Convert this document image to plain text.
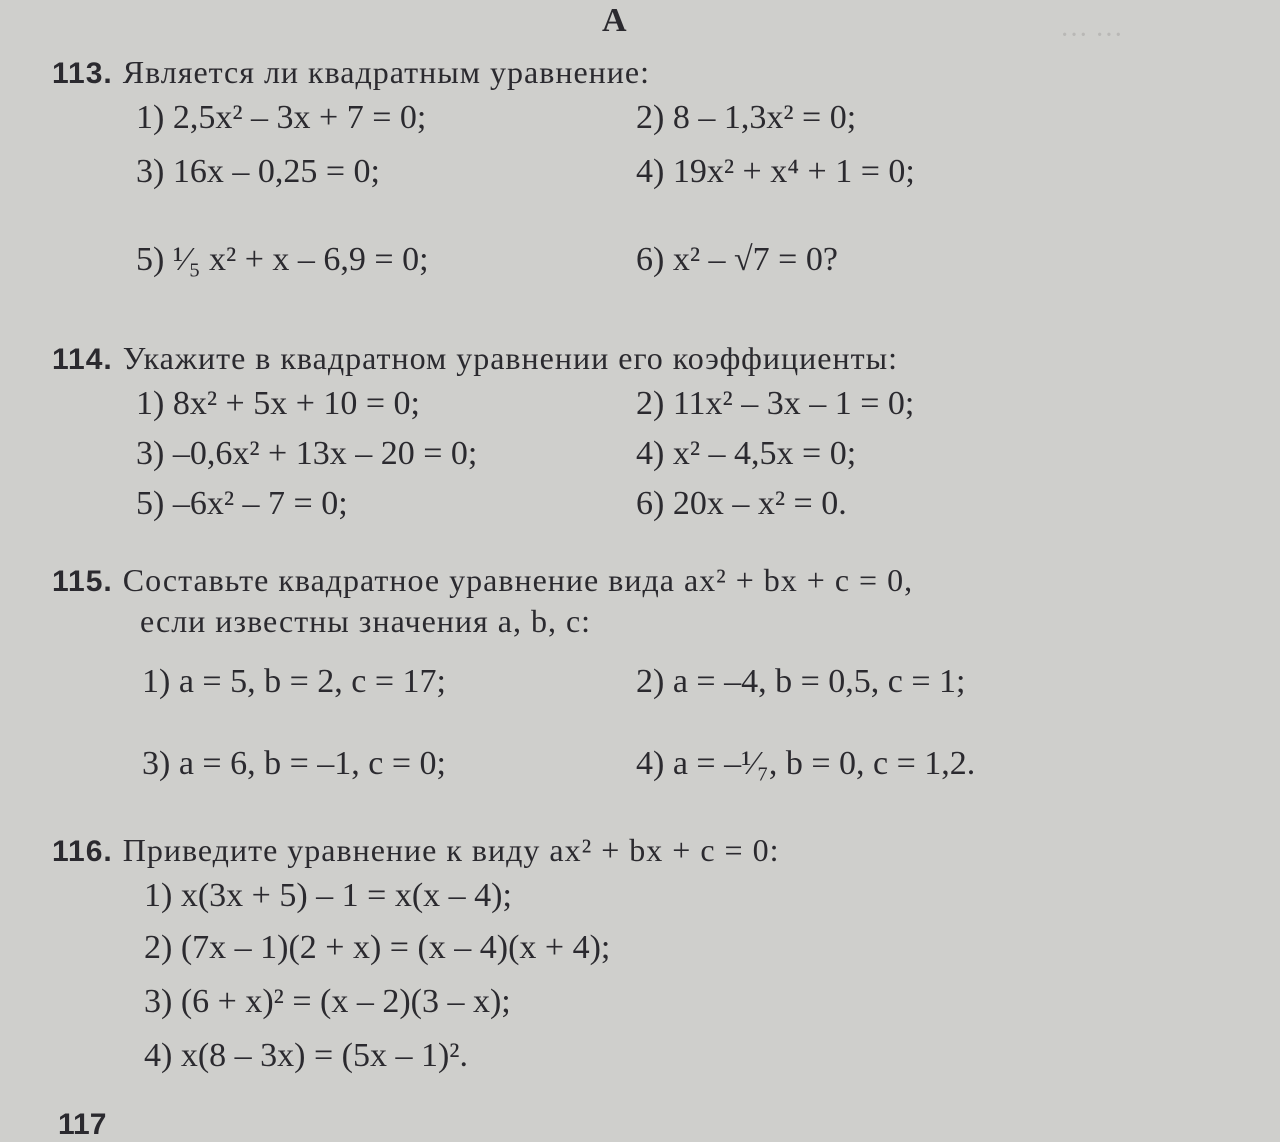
··· ···
А
113. Является ли квадратным уравнение:
1) 2,5x² – 3x + 7 = 0;	2) 8 – 1,3x² = 0;
3) 16x – 0,25 = 0;	4) 19x² + x⁴ + 1 = 0;
5) ¹⁄₅ x² + x – 6,9 = 0;	6) x² – √7 = 0?
114. Укажите в квадратном уравнении его коэффициенты:
1) 8x² + 5x + 10 = 0;	2) 11x² – 3x – 1 = 0;
3) –0,6x² + 13x – 20 = 0;	4) x² – 4,5x = 0;
5) –6x² – 7 = 0;	6) 20x – x² = 0.
115. Составьте квадратное уравнение вида ax² + bx + c = 0,
если известны значения a, b, c:
1) a = 5, b = 2, c = 17;	2) a = –4, b = 0,5, c = 1;
3) a = 6, b = –1, c = 0;	4) a = –¹⁄₇, b = 0, c = 1,2.
116. Приведите уравнение к виду ax² + bx + c = 0:
1) x(3x + 5) – 1 = x(x – 4);
2) (7x – 1)(2 + x) = (x – 4)(x + 4);
3) (6 + x)² = (x – 2)(3 – x);
4) x(8 – 3x) = (5x – 1)².
117
